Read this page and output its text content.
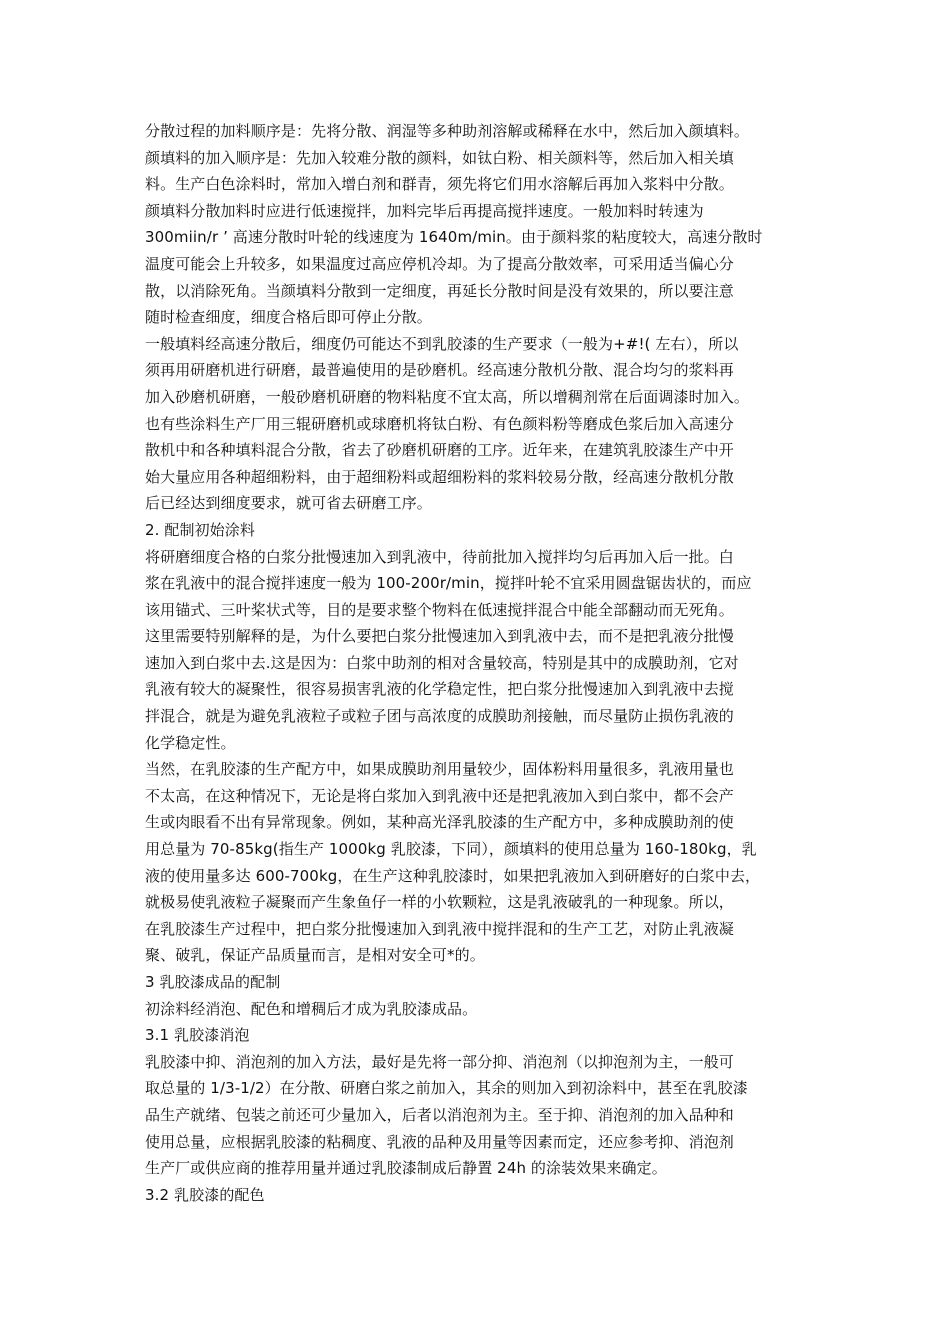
分散过程的加料顺序是：先将分散、润湿等多种助剂溶解或稀释在水中，然后加入颜填料。
颜填料的加入顺序是：先加入较难分散的颜料，如钛白粉、相关颜料等，然后加入相关填
料。生产白色涂料时，常加入增白剂和群青，须先将它们用水溶解后再加入浆料中分散。
颜填料分散加料时应进行低速搅拌，加料完毕后再提高搅拌速度。一般加料时转速为
300miin/r ’ 高速分散时叶轮的线速度为 1640m/min。由于颜料浆的粘度较大，高速分散时
温度可能会上升较多，如果温度过高应停机冷却。为了提高分散效率，可采用适当偏心分
散，以消除死角。当颜填料分散到一定细度，再延长分散时间是没有效果的，所以要注意
随时检查细度，细度合格后即可停止分散。
一般填料经高速分散后，细度仍可能达不到乳胶漆的生产要求（一般为+#!( 左右），所以
须再用研磨机进行研磨，最普遍使用的是砂磨机。经高速分散机分散、混合均匀的浆料再
加入砂磨机研磨，一般砂磨机研磨的物料粘度不宜太高，所以增稠剂常在后面调漆时加入。
也有些涂料生产厂用三辊研磨机或球磨机将钛白粉、有色颜料粉等磨成色浆后加入高速分
散机中和各种填料混合分散，省去了砂磨机研磨的工序。近年来，在建筑乳胶漆生产中开
始大量应用各种超细粉料，由于超细粉料或超细粉料的浆料较易分散，经高速分散机分散
后已经达到细度要求，就可省去研磨工序。
2. 配制初始涂料
将研磨细度合格的白浆分批慢速加入到乳液中，待前批加入搅拌均匀后再加入后一批。白
浆在乳液中的混合搅拌速度一般为 100-200r/min，搅拌叶轮不宜采用圆盘锯齿状的，而应
该用锚式、三叶桨状式等，目的是要求整个物料在低速搅拌混合中能全部翻动而无死角。
这里需要特别解释的是，为什么要把白浆分批慢速加入到乳液中去，而不是把乳液分批慢
速加入到白浆中去.这是因为：白浆中助剂的相对含量较高，特别是其中的成膜助剂，它对
乳液有较大的凝聚性，很容易损害乳液的化学稳定性，把白浆分批慢速加入到乳液中去搅
拌混合，就是为避免乳液粒子或粒子团与高浓度的成膜助剂接触，而尽量防止损伤乳液的
化学稳定性。
当然，在乳胶漆的生产配方中，如果成膜助剂用量较少，固体粉料用量很多，乳液用量也
不太高，在这种情况下，无论是将白浆加入到乳液中还是把乳液加入到白浆中，都不会产
生或肉眼看不出有异常现象。例如，某种高光泽乳胶漆的生产配方中，多种成膜助剂的使
用总量为 70-85kg(指生产 1000kg 乳胶漆，下同），颜填料的使用总量为 160-180kg，乳
液的使用量多达 600-700kg，在生产这种乳胶漆时，如果把乳液加入到研磨好的白浆中去，
就极易使乳液粒子凝聚而产生象鱼仔一样的小软颗粒，这是乳液破乳的一种现象。所以，
在乳胶漆生产过程中，把白浆分批慢速加入到乳液中搅拌混和的生产工艺，对防止乳液凝
聚、破乳，保证产品质量而言，是相对安全可*的。
3 乳胶漆成品的配制
初涂料经消泡、配色和增稠后才成为乳胶漆成品。
3.1 乳胶漆消泡
乳胶漆中抑、消泡剂的加入方法，最好是先将一部分抑、消泡剂（以抑泡剂为主，一般可
取总量的 1/3-1/2）在分散、研磨白浆之前加入，其余的则加入到初涂料中，甚至在乳胶漆
品生产就绪、包装之前还可少量加入，后者以消泡剂为主。至于抑、消泡剂的加入品种和
使用总量，应根据乳胶漆的粘稠度、乳液的品种及用量等因素而定，还应参考抑、消泡剂
生产厂或供应商的推荐用量并通过乳胶漆制成后静置 24h 的涂装效果来确定。
3.2 乳胶漆的配色
